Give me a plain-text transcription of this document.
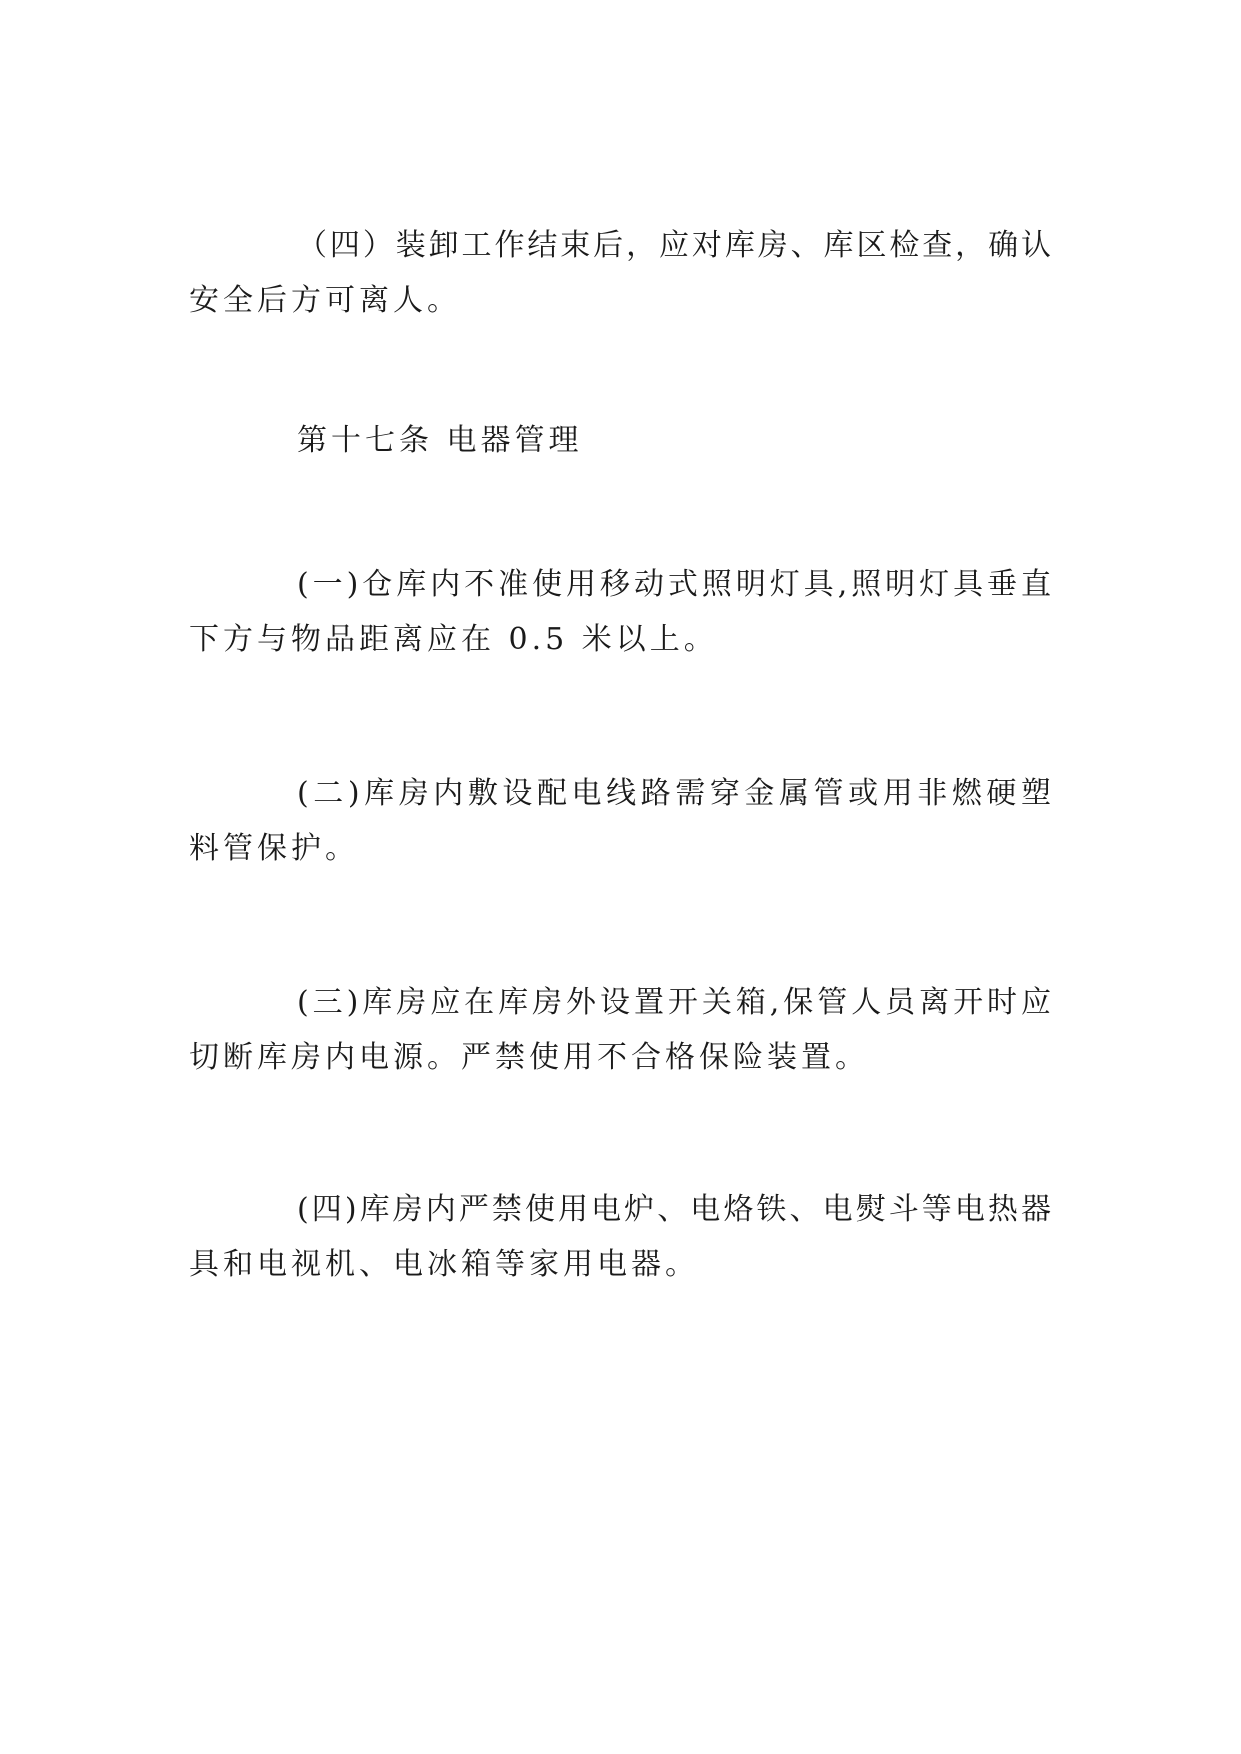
（四）装卸工作结束后，应对库房、库区检查，确认
安全后方可离人。
第十七条 电器管理
(一)仓库内不准使用移动式照明灯具,照明灯具垂直
下方与物品距离应在 0.5 米以上。
(二)库房内敷设配电线路需穿金属管或用非燃硬塑
料管保护。
(三)库房应在库房外设置开关箱,保管人员离开时应
切断库房内电源。严禁使用不合格保险装置。
(四)库房内严禁使用电炉、电烙铁、电熨斗等电热器
具和电视机、电冰箱等家用电器。
